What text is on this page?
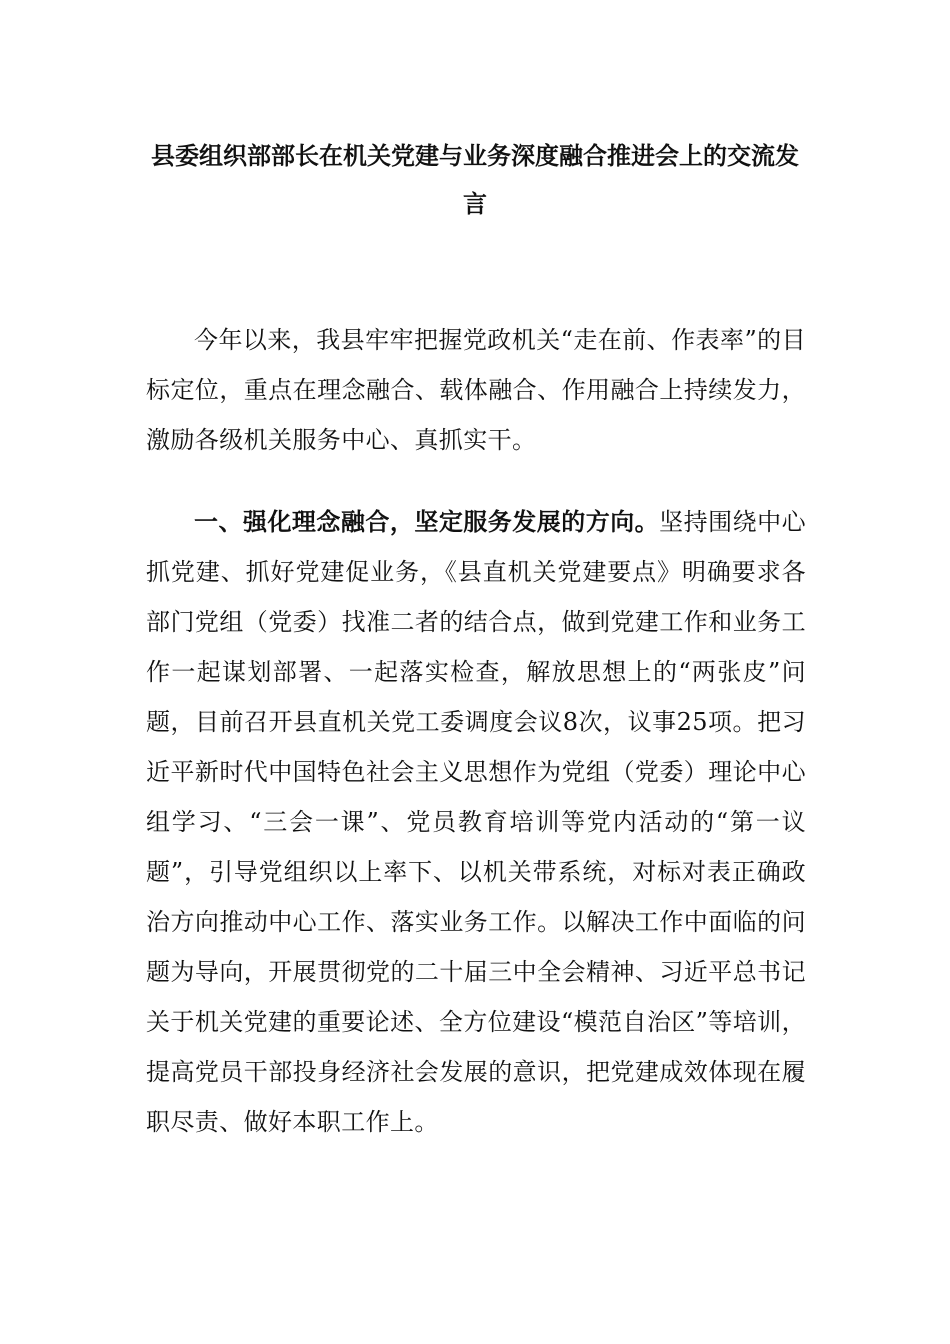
县委组织部部长在机关党建与业务深度融合推进会上的交流发言

今年以来，我县牢牢把握党政机关“走在前、作表率”的目标定位，重点在理念融合、载体融合、作用融合上持续发力，激励各级机关服务中心、真抓实干。

一、强化理念融合，坚定服务发展的方向。坚持围绕中心抓党建、抓好党建促业务，《县直机关党建要点》明确要求各部门党组（党委）找准二者的结合点，做到党建工作和业务工作一起谋划部署、一起落实检查，解放思想上的“两张皮”问题，目前召开县直机关党工委调度会议8次，议事25项。把习近平新时代中国特色社会主义思想作为党组（党委）理论中心组学习、“三会一课”、党员教育培训等党内活动的“第一议题”，引导党组织以上率下、以机关带系统，对标对表正确政治方向推动中心工作、落实业务工作。以解决工作中面临的问题为导向，开展贯彻党的二十届三中全会精神、习近平总书记关于机关党建的重要论述、全方位建设“模范自治区”等培训，提高党员干部投身经济社会发展的意识，把党建成效体现在履职尽责、做好本职工作上。
